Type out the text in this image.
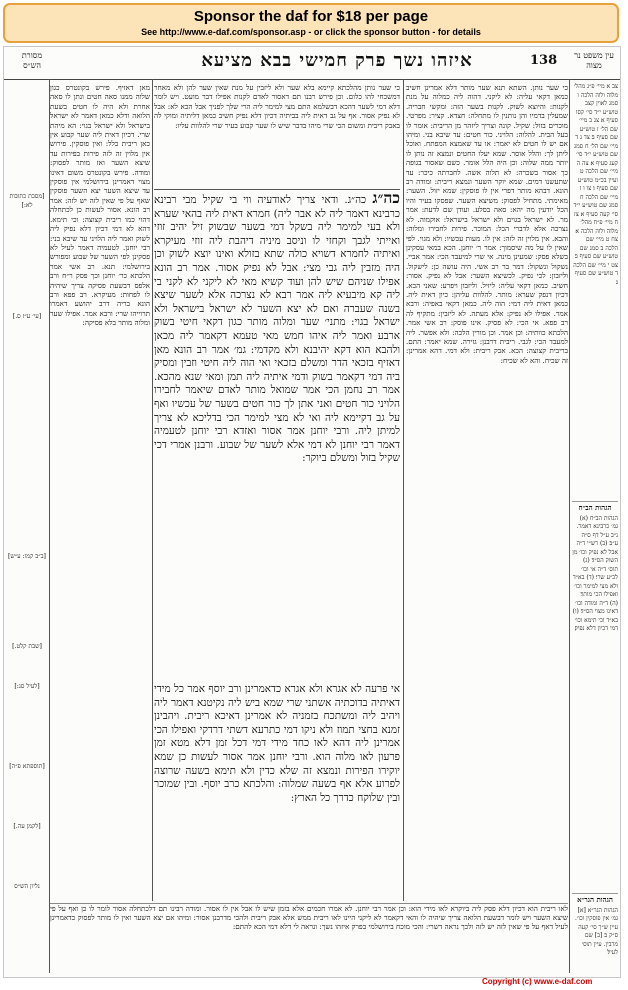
Sponsor the daf for $18 per page
See http://www.e-daf.com/sponsor.asp - or click the sponsor button - for details
עין משפט נר מצוה
138
איזהו נשך פרק חמישי בבא מציעא
מסורת הש״ס
צב א מיי׳ פ״ג מהל׳ מלוה ולוה הלכה ו סמג לאוין קצב טוש״ע י״ד סי׳ קסו סעיף א׃ צג ב מיי׳ שם הל׳ ז טוש״ע שם סעיף ב׃ צד ג ד מיי׳ שם הל׳ ח סמג שם טוש״ע י״ד סי׳ קעג סעיף א׃ צה ה מיי׳ שם הלכה ט ועיין בכ״מ טוש״ע שם סעיף ו׃ צו ו ז מיי׳ שם הלכה ח סמג שם טוש״ע י״ד סי׳ קעה סעיף א׃ צז ח מיי׳ פ״ח מהל׳ מלוה ולוה הלכה א׃ צח ט מיי׳ שם הלכה ב סמג שם טוש״ע שם סעיף ב׃ צט י מיי׳ שם הלכה ד טוש״ע שם סעיף ג׃
הגהות הב״ח
הגהות הב״ח (א) גמ׳ כרבינא דאמר. נ״ב ע״ל דף ס״ה ע״ב׃ (ב) רש״י ד״ה אבל לא נפיק וכו׳ מן השוק הס״ד׃ (ג) תוס׳ ד״ה אי וכו׳ לכ״ע שרי׃ (ד) בא״ד ולא מצי למימר וכו׳ ואפילו הכי מותר׃ (ה) ד״ה ומודה וכו׳ דאינו מצוי הס״ד׃ (ו) בא״ד וכי תימא וכו׳ דמי דכיון דלא נפיק׃
הגהות הגר״א
הגהות הגר״א [א] גמ׳ אין פוסקין וכו׳. עיין ש״ך סי׳ קעה ס״ק ב׃ [ב] שם מרבין. עיין תוס׳ לעיל׃
כי שער נותן. השתא תנא שער מותר דלא אמרינן חשיב כמאן דקאי עליה: לא ליקני. דהוה ליה כמלוה על מנת לקנות: והיוצא לשוק. לקנות בשער הזה: ומקשי חבריה. שמעלין בדמיו והן נותנין לו מתחלה: חצדא. קציר: מפרטי. מוכרים בזול: שקיל. קונה וצריך ליזהר מן הריבית: אומר לו בעל הבית. להלוה: הלויני. כור חטים: עד שיבא בני. ומיהו אם יש לו חטים לא יאמר: או עד שאמצא המפתח. ואוכל ליתן לך: והלל אוסר. שמא יעלו החטים ונמצא זה נותן לו יותר ממה שלוה: וכן היה הלל אומר. כשם שאסור בגופה כך אסור בשכרה: לא תלוה אשה. לחברתה כיכר: עד שתעשנו דמים. שמא יוקר השער ונמצא ריבית: ומודה רב הונא. דבהא מותר דפרי אין לו פוסקין: שמא יזול. השער: מאימתי. מתחיל לפסוק: משיצא השער. שפסקו בעיר והיו הכל יודעין מה יהא: סאה בסלע. ועודן שם לדעת: אמר מר. לא ישראל בגוים ולא ישראל בישראל: אוקמוה. לא נצרכה אלא לדברי הכל: המוכר. פירות לחבירו ומלוה: והבא. אין מלוין זה לזה: אין לו. מעות עכשיו: ולא מגוי. לפי שאין לו על מה שיסמוך: אמר ר׳ יוחנן. הכא במאי עסקינן בשלא פסק: שמעינן מינה. אי שרי למיעבד הכי: אמר אביי. נשקול ונשקול: דמר בר רב אשי. היה עושה כן: לישקול. וליזבון: לכי נפיק. לכשיצא השער: אבל לא נפיק. אסור: חשיב. כמאן דקאי עליה: ליזיל. וליזבון ויפרע: שאני הכא. דכיון דנפק שערא: מותר. להלוות עליהן: כיון דאית ליה. כמאן דאית ליה דמי: הוה ליה. כמאן דקאי באפיה: ורבא אמר. אפילו לא נפיק: אלא מעתה. לא ליזבין: מתקיף לה רב פפא. אי הכי: לא פסיק. אינו פוסק: רב אשי אמר. הלכתא כוותיה: וכן אמר. וכן מורין הלכה: ולא אפשר. ליה למעבד הכי: לגבי. ריבית דרבנן: גזירה. שמא יאמר: התם. בריבית קצוצה: הכא. אבק ריבית: ולא דמי. דהא אמרינן: זה שכיח. והא לא שכיח:
כי שער נותן מהלכתא קיימא בלא שער ולא ליזבין על מנת שאין שער להן ולא מאחר דמשכחי להו כלום. וכן פירש רבנו תם דאסור לאדם לקנות אפילו דבר מועט. ויש לומר דלא דמי לשער דהכא דבשלמא התם מצי למימר ליה הרי שלך לפניך אבל הכא לא: אבל לא נפיק אסור. אף על גב דאית ליה בביתיה דכיון דלא נפיק חשיב כמאן דליתיה ומוקי לה באבק ריבית ומשום הכי שרי מיהו בדבר שיש לו שער קבוע בעיר שרי להלוות עליו:
כה״ג כה״ג. ודאי צריך לאודעיה ווי בי שקיל מבי רבינא כרבינא דאמר ליה לא אבר ליה) חמרא דאית ליה בהאי שערא ולא בעי למימר ליה בשקל דמי בשער שבשוק זיל יהיב זוזי ואייתי לגבך וקחזי לו וניסב מיניה דיהבת ליה זוזי מעיקרא ואיתיה לחמרא דשויא כולה שתא בזולא ואינו יוצא לשוק וכן היה מזבין ליה גבי מצי: אבל לא נפיק אסור. אמר רב הונא אפילו שניהם שיש להן ועוד קשיא מאי לא ליקני לא לקני בי ליה קא מיבעיא ליה אמר רבא לא נצרכה אלא לשער שיצא בשנה שעברה ואם לא יצא השער לא ישראל בישראל ולא ישראל בגוי: מתני׳ שער ומלוה מותר כגון דקאי חיטי בשוק ארבע ואמר ליה איהו חמש מאי טעמא דקאמר ליה מכאן ולהבא הוא דקא יהיבנא ולא מקדמי: גמ׳ אמר רב הונא מאן דאזיף בזכאי הדר ומשלם בזכאי ואי הוה ליה חיטי וזבין ומסיק ביה דמי דקאמר בשוק ודמי איתיה ליה תמן ומאי שנא מהכא. אמר רב נחמן הכי אמר שמואל מותר לאדם שיאמר לחבירו הלויני כור חטים ואני אתן לך כור חטים בשער של עכשיו ואף על גב דקיימא ליה ואי לא מצי למימר הכי בדליכא לא צריך למיתן ליה. ורבי יוחנן אמר אסור ואזדא רבי יוחנן לטעמיה דאמר רבי יוחנן לא דמי אלא לשער של שבוע. ורבנן אמרי דכי שקיל בזול ומשלם ביוקר:
אי פרעה לא אגרא ולא אגרא כדאמרינן ורב יוסף אמר כל מידי דאיתיה בדוכתיה אשתני שרי שמא ביש ליה נקיטנא דאמר ליה ויהיב ליה ומשתכח בזמניה לא אמרינן דאיכא ריבית. ויהבינן זמנא בחצי תמוז ולא ניקו דמי כתרעא דשתי דרדקי ואפילו הכי אמרינן ליה דהא לאו כחד מידי דמי דכל זמן דלא מטא זמן פרעון לאו מלוה הוא. ורבי יוחנן אמר אסור לעשות כן שמא יוקירו הפירות ונמצא זה שלא כדין ולא תימא בשעה שרוצה לפרוע אלא אף בשעה שמלוה: והלכתא כרב יוסף. ובין שמוכר ובין שלוקח כדרך כל הארץ:
מאן דאזיף. פירש בקונטרס כגון שלוה ממנו סאה חטים ונתן לו סאה אחרת ולא היה לו חטים בשעת הלואה ודלא כמאן דאמר לא ישראל בישראל ולא ישראל בגוי: הא מיהת שרי. דכיון דאית ליה שער קבוע אין כאן ריבית כלל: ואין פוסקין. פירוש אין מלוין זה לזה פירות בפירות עד שיצא השער ואז מותר לפסוק: ומודה. פירש בקונטרס משום דאינו מצוי דאמרינן בירושלמי אין פוסקין עד שיצא השער יצא השער פוסקין שאף על פי שאין לזה יש לזה: אמר רב הונא. אסור לעשות כן לכתחלה דהוי כמו ריבית קצוצה: וכי תימא. דהא לא דמי דכיון דלא נפיק ליה לשוק ואמר ליה הלויני עד שיבא בני: רבי יוחנן. לטעמיה דאמר לעיל לא פסקינן לפי השער של שבוע ומפורש בירושלמי: תנא. רב אשי אמר הלכתא כר׳ יוחנן וכך פסק ר״ח ורב אלפס דבשעת פסיקה צריך שיהיה לו לפחות: מעיקרא. רב פפא ורב הונא בריה דרב יהושע דאמרו תרוייהו שרי: ורבא אמר. אפילו שער ומלוה מותר בלא פסיקה:
לאו ריבית הוא דכיון דלא פסק ליה ביוקרא לאו מידי הוא: וכן אמר רבי יוחנן. לא אמרו חכמים אלא בזמן שיש לו אבל אין לו אסור. ומודה רבינו תם דלכתחלה אסור לומר לו כן ואף על פי שיצא השער ויש לומר דבשעת הלואה צריך שיהיה לו והאי דקאמר לא ליקני היינו לאו ריבית ממש אלא אבק ריבית ולהכי מדרבנן אסור: ומיהו אם יצא השער ואין לו מותר לפסוק כדאמרינן לעיל דאף על פי שאין לזה יש לזה ולכך נראה דשרי: והכי מוכח בירושלמי בפרק איזהו נשך: ונראה לי דלא דמי הכא להתם:
[מסכת כתובות לא:]
[עי׳ ע״ז ס.]
[ב״ב קמו: ע״ש]
[שבת קלט.]
[לעיל סג:]
[תוספתא פ״ה]
[לקמן עה.]
נליון הש״ס
Copyright (c) www.e-daf.com
